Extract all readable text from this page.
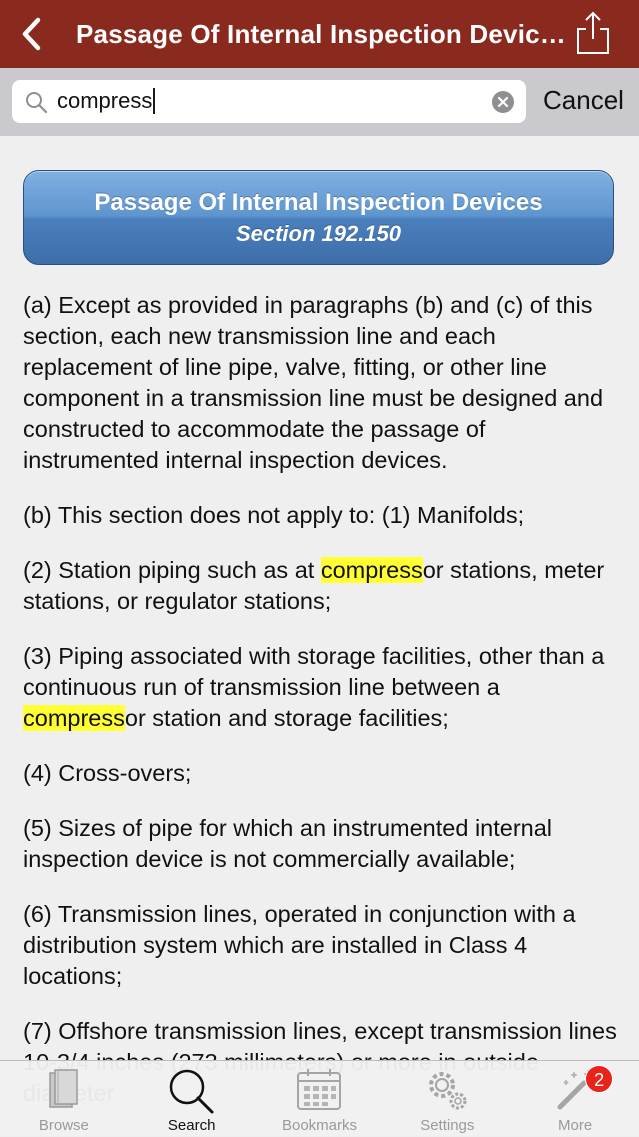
Passage Of Internal Inspection Devic…
compress	Cancel
Passage Of Internal Inspection Devices
Section 192.150

(a) Except as provided in paragraphs (b) and (c) of this section, each new transmission line and each replacement of line pipe, valve, fitting, or other line component in a transmission line must be designed and constructed to accommodate the passage of instrumented internal inspection devices.

(b) This section does not apply to: (1) Manifolds;

(2) Station piping such as at compressor stations, meter stations, or regulator stations;

(3) Piping associated with storage facilities, other than a continuous run of transmission line between a compressor station and storage facilities;

(4) Cross-overs;

(5) Sizes of pipe for which an instrumented internal inspection device is not commercially available;

(6) Transmission lines, operated in conjunction with a distribution system which are installed in Class 4 locations;

(7) Offshore transmission lines, except transmission lines

Browse	Search	Bookmarks	Settings
2
More
